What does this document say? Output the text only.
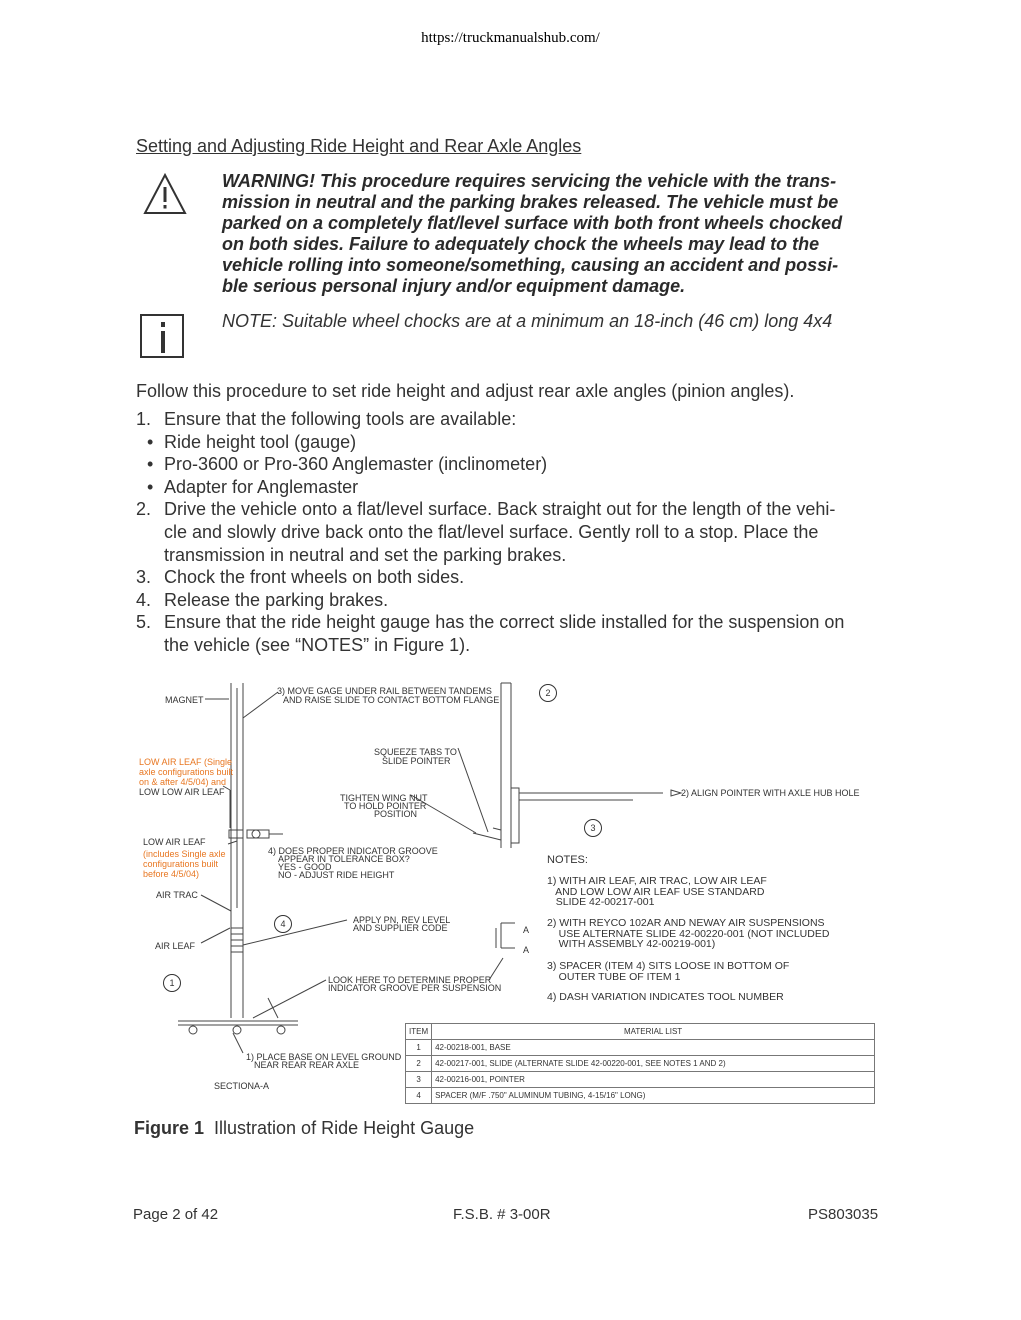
https://truckmanualshub.com/
Setting and Adjusting Ride Height and Rear Axle Angles
WARNING! This procedure requires servicing the vehicle with the trans-
mission in neutral and the parking brakes released. The vehicle must be
parked on a completely flat/level surface with both front wheels chocked
on both sides. Failure to adequately chock the wheels may lead to the
vehicle rolling into someone/something, causing an accident and possi-
ble serious personal injury and/or equipment damage.
NOTE: Suitable wheel chocks are at a minimum an 18-inch (46 cm) long 4x4
Follow this procedure to set ride height and adjust rear axle angles (pinion angles).
1. Ensure that the following tools are available:
• Ride height tool (gauge)
• Pro-3600 or Pro-360 Anglemaster (inclinometer)
• Adapter for Anglemaster
2. Drive the vehicle onto a flat/level surface. Back straight out for the length of the vehi-
cle and slowly drive back onto the flat/level surface. Gently roll to a stop. Place the
transmission in neutral and set the parking brakes.
3. Chock the front wheels on both sides.
4. Release the parking brakes.
5. Ensure that the ride height gauge has the correct slide installed for the suspension on
the vehicle (see “NOTES” in Figure 1).
MAGNET
3) MOVE GAGE UNDER RAIL BETWEEN TANDEMS
AND RAISE SLIDE TO CONTACT BOTTOM FLANGE
LOW AIR LEAF (Single
axle configurations built
on & after 4/5/04) and
LOW LOW AIR LEAF
SQUEEZE TABS TO
SLIDE POINTER
TIGHTEN WING NUT
TO HOLD POINTER
POSITION
2) ALIGN POINTER WITH AXLE HUB HOLE
LOW AIR LEAF
(includes Single axle
configurations built
before 4/5/04)
4) DOES PROPER INDICATOR GROOVE
APPEAR IN TOLERANCE BOX?
YES - GOOD
NO - ADJUST RIDE HEIGHT
AIR TRAC
APPLY PN, REV LEVEL
AND SUPPLIER CODE
AIR LEAF
LOOK HERE TO DETERMINE PROPER
INDICATOR GROOVE PER SUSPENSION
1) PLACE BASE ON LEVEL GROUND
NEAR REAR REAR AXLE
SECTIONA-A
A
A
1
2
3
4
NOTES:
1) WITH AIR LEAF, AIR TRAC, LOW AIR LEAF
AND LOW LOW AIR LEAF USE STANDARD
SLIDE 42-00217-001
2) WITH REYCO 102AR AND NEWAY AIR SUSPENSIONS
USE ALTERNATE SLIDE 42-00220-001 (NOT INCLUDED
WITH ASSEMBLY 42-00219-001)
3) SPACER (ITEM 4) SITS LOOSE IN BOTTOM OF
OUTER TUBE OF ITEM 1
4) DASH VARIATION INDICATES TOOL NUMBER
ITEM	MATERIAL LIST
1	42-00218-001, BASE
2	42-00217-001, SLIDE (ALTERNATE SLIDE 42-00220-001, SEE NOTES 1 AND 2)
3	42-00216-001, POINTER
4	SPACER (M/F .750" ALUMINUM TUBING, 4-15/16" LONG)
Figure 1 Illustration of Ride Height Gauge
Page 2 of 42	F.S.B. # 3-00R	PS803035
